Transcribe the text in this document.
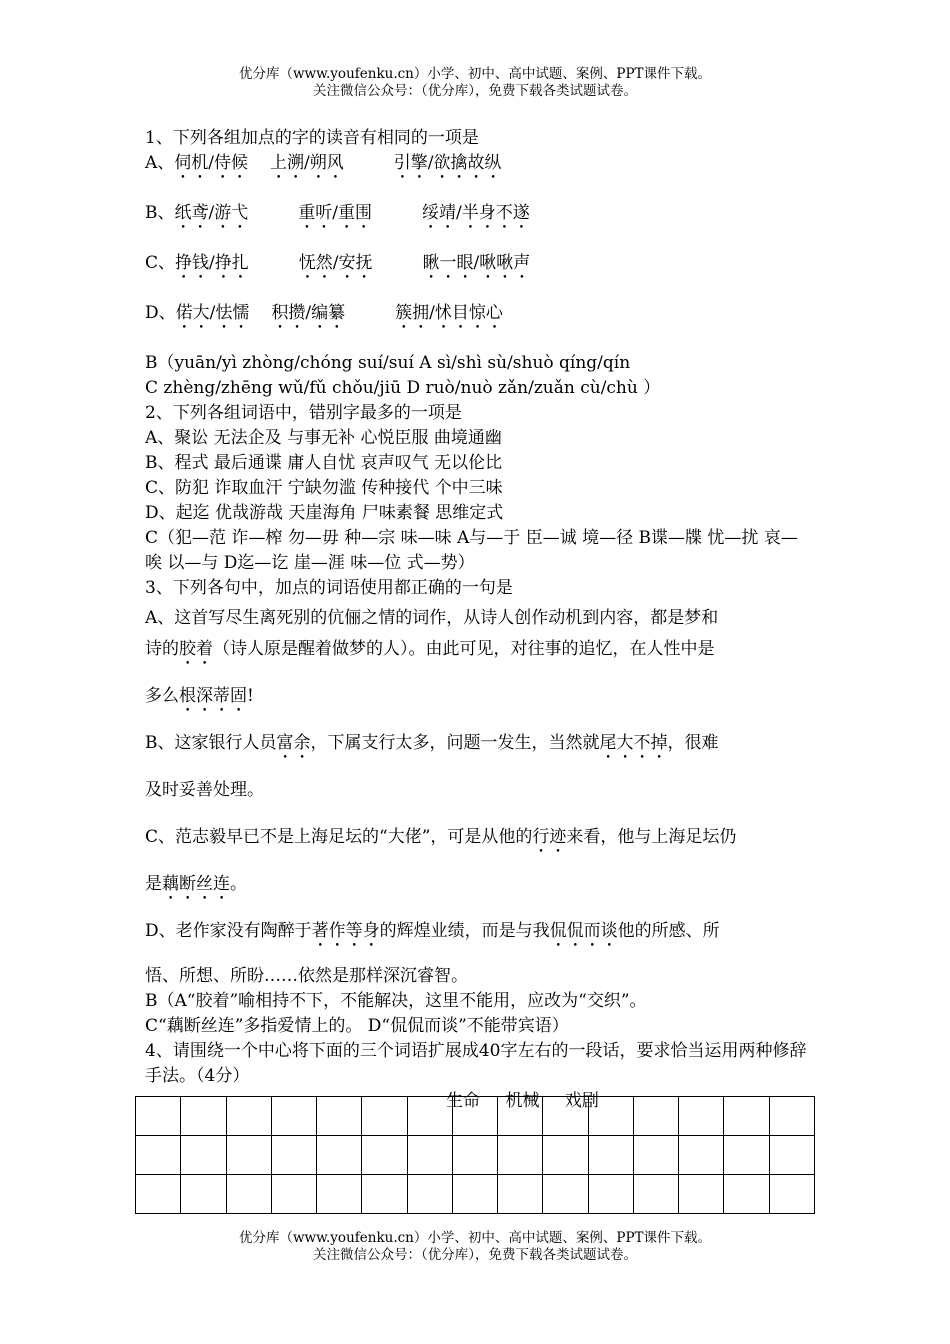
优分库（www.youfenku.cn）小学、初中、高中试题、案例、PPT课件下载。
关注微信公众号：（优分库），免费下载各类试题试卷。
1、下列各组加点的字的读音有相同的一项是
A、伺机/侍候 上溯/朔风	引擎/欲擒故纵
B、纸鸢/游弋	重听/重围	绥靖/半身不遂
C、挣钱/挣扎	怃然/安抚	瞅一眼/啾啾声
D、偌大/怯懦 积攒/编纂	簇拥/怵目惊心
B（yuān/yì zhòng/chóng suí/suí A sì/shì sù/shuò qíng/qín
C zhèng/zhēng wǔ/fǔ chǒu/jiū D ruò/nuò zǎn/zuǎn cù/chù ）
2、下列各组词语中，错别字最多的一项是
A、聚讼 无法企及 与事无补 心悦臣服 曲境通幽
B、程式 最后通谍 庸人自忧 哀声叹气 无以伦比
C、防犯 诈取血汗 宁缺勿滥 传种接代 个中三味
D、起迄 优哉游哉 天崖海角 尸味素餐 思维定式
C（犯—范 诈—榨 勿—毋 种—宗 味—味 A与—于 臣—诚 境—径 B谍—牒 忧—扰 哀—唉 以—与 D迄—讫 崖—涯 味—位 式—势）
3、下列各句中，加点的词语使用都正确的一句是
A、这首写尽生离死别的伉俪之情的词作，从诗人创作动机到内容，都是梦和
诗的胶着（诗人原是醒着做梦的人）。由此可见，对往事的追忆，在人性中是
多么根深蒂固!
B、这家银行人员富余，下属支行太多，问题一发生，当然就尾大不掉，很难
及时妥善处理。
C、范志毅早已不是上海足坛的“大佬”，可是从他的行迹来看，他与上海足坛仍
是藕断丝连。
D、老作家没有陶醉于著作等身的辉煌业绩，而是与我侃侃而谈他的所感、所
悟、所想、所盼……依然是那样深沉睿智。
B（A“胶着”喻相持不下，不能解决，这里不能用，应改为“交织”。
C“藕断丝连”多指爱情上的。 D“侃侃而谈”不能带宾语）
4、请围绕一个中心将下面的三个词语扩展成40字左右的一段话，要求恰当运用两种修辞手法。（4分）
生命 机械 戏剧

优分库（www.youfenku.cn）小学、初中、高中试题、案例、PPT课件下载。
关注微信公众号：（优分库），免费下载各类试题试卷。
